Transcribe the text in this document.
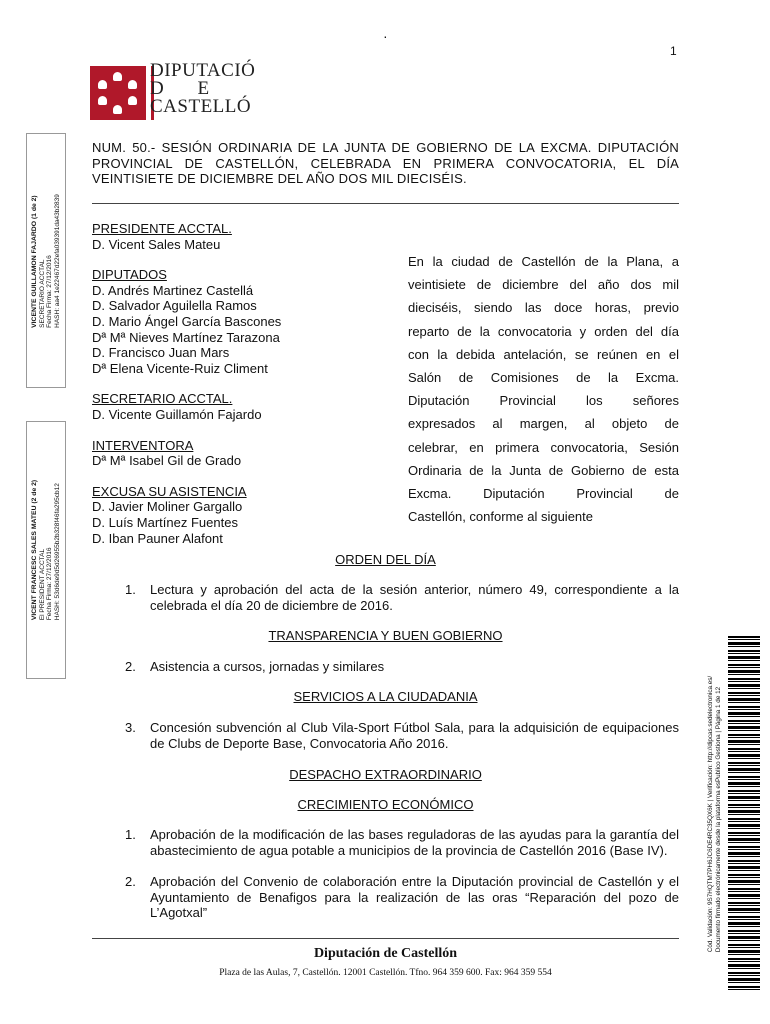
·
1
DIPUTACIÓ
D E
CASTELLÓ
VICENTE GUILLAMON FAJARDO (1 de 2)
SECRETARIO ACCTAL
Fecha Firma: 27/12/2016
HASH: aa4 1e22467d22efa039391da43b2839
VICENT FRANCESC SALES MATEU (2 de 2)
El PRESIDENT ACCTAL
Fecha Firma: 27/12/2016
HASH: 53d6de9d5d26955b2b328f46fa295cb12
NUM. 50.- SESIÓN ORDINARIA DE LA JUNTA DE GOBIERNO DE LA EXCMA. DIPUTACIÓN PROVINCIAL DE CASTELLÓN, CELEBRADA EN PRIMERA CONVOCATORIA, EL DÍA VEINTISIETE DE DICIEMBRE DEL AÑO DOS MIL DIECISÉIS.
PRESIDENTE ACCTAL.
D. Vicent Sales Mateu
DIPUTADOS
D. Andrés Martinez Castellá
D. Salvador Aguilella Ramos
D. Mario Ángel García Bascones
Dª Mª Nieves Martínez Tarazona
D. Francisco Juan Mars
Dª Elena Vicente-Ruiz Climent
SECRETARIO ACCTAL.
D. Vicente Guillamón Fajardo
INTERVENTORA
Dª Mª Isabel Gil de Grado
EXCUSA SU ASISTENCIA
D. Javier Moliner Gargallo
D. Luís Martínez Fuentes
D. Iban Pauner Alafont
En la ciudad de Castellón de la Plana, a
veintisiete de diciembre del año dos mil
dieciséis, siendo las doce horas, previo
reparto de la convocatoria y orden del día
con la debida antelación, se reúnen en el
Salón de Comisiones de la Excma.
Diputación Provincial los señores
expresados al margen, al objeto de
celebrar, en primera convocatoria, Sesión
Ordinaria de la Junta de Gobierno de esta
Excma. Diputación Provincial de
Castellón, conforme al siguiente
ORDEN DEL DÍA
1. Lectura y aprobación del acta de la sesión anterior, número 49, correspondiente a la celebrada el día 20 de diciembre de 2016.
TRANSPARENCIA Y BUEN GOBIERNO
2. Asistencia a cursos, jornadas y similares
SERVICIOS A LA CIUDADANIA
3. Concesión subvención al Club Vila-Sport Fútbol Sala, para la adquisición de equipaciones de Clubs de Deporte Base, Convocatoria Año 2016.
DESPACHO EXTRAORDINARIO
CRECIMIENTO ECONÓMICO
1. Aprobación de la modificación de las bases reguladoras de las ayudas para la garantía del abastecimiento de agua potable a municipios de la provincia de Castellón 2016 (Base IV).
2. Aprobación del Convenio de colaboración entre la Diputación provincial de Castellón y el Ayuntamiento de Benafigos para la realización de las oras “Reparación del pozo de L’Agotxal”
Diputación de Castellón
Plaza de las Aulas, 7, Castellón. 12001 Castellón. Tfno. 964 359 600. Fax: 964 359 554
Cód. Validación: 9S7HQTM7PH6JC6DE4RC35QX6K | Verificación: http://dipcas.sedelectronica.es/
Documento firmado electrónicamente desde la plataforma esPublico Gestiona | Página 1 de 12
